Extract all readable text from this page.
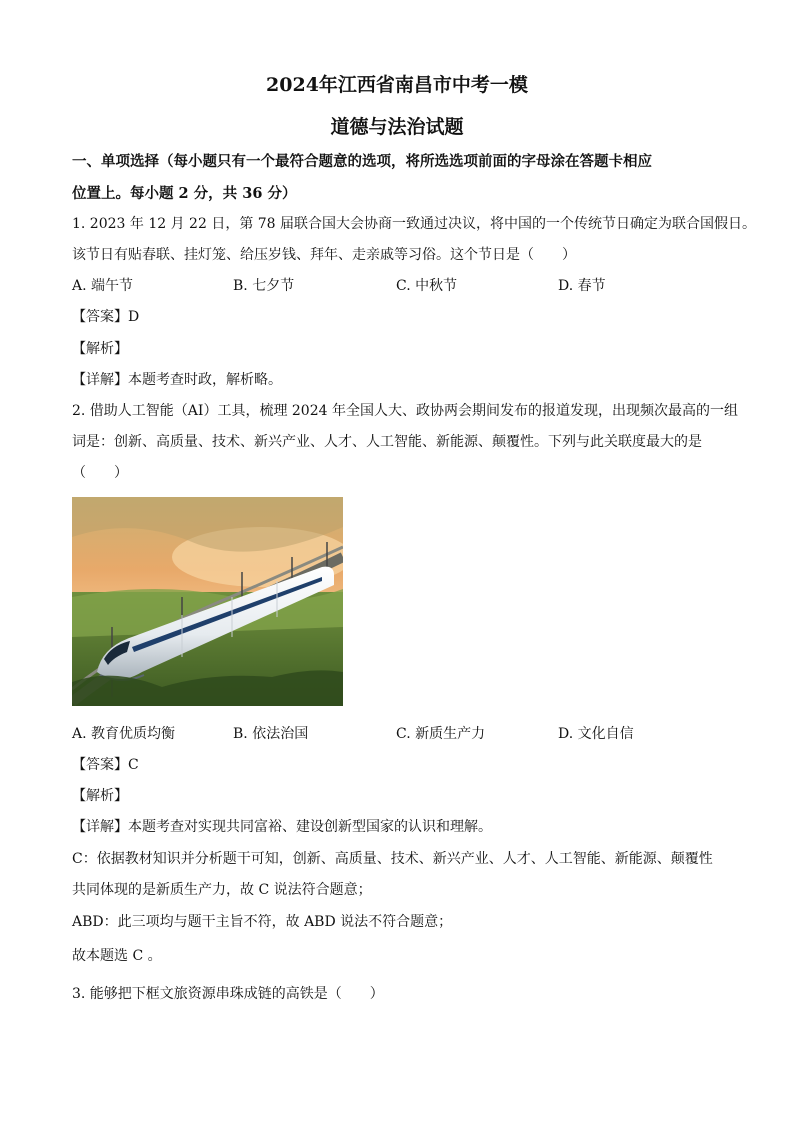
2024年江西省南昌市中考一模
道德与法治试题
一、单项选择（每小题只有一个最符合题意的选项，将所选选项前面的字母涂在答题卡相应
位置上。每小题 2 分，共 36 分）
1. 2023 年 12 月 22 日，第 78 届联合国大会协商一致通过决议，将中国的一个传统节日确定为联合国假日。
该节日有贴春联、挂灯笼、给压岁钱、拜年、走亲戚等习俗。这个节日是（　　）
A. 端午节	B. 七夕节	C. 中秋节	D. 春节
【答案】D
【解析】
【详解】本题考查时政，解析略。
2. 借助人工智能（AI）工具，梳理 2024 年全国人大、政协两会期间发布的报道发现，出现频次最高的一组
词是：创新、高质量、技术、新兴产业、人才、人工智能、新能源、颠覆性。下列与此关联度最大的是
（　　）
A. 教育优质均衡	B. 依法治国	C. 新质生产力	D. 文化自信
【答案】C
【解析】
【详解】本题考查对实现共同富裕、建设创新型国家的认识和理解。
C：依据教材知识并分析题干可知，创新、高质量、技术、新兴产业、人才、人工智能、新能源、颠覆性
共同体现的是新质生产力，故 C 说法符合题意；
ABD：此三项均与题干主旨不符，故 ABD 说法不符合题意；
故本题选 C 。
3. 能够把下框文旅资源串珠成链的高铁是（　　）
